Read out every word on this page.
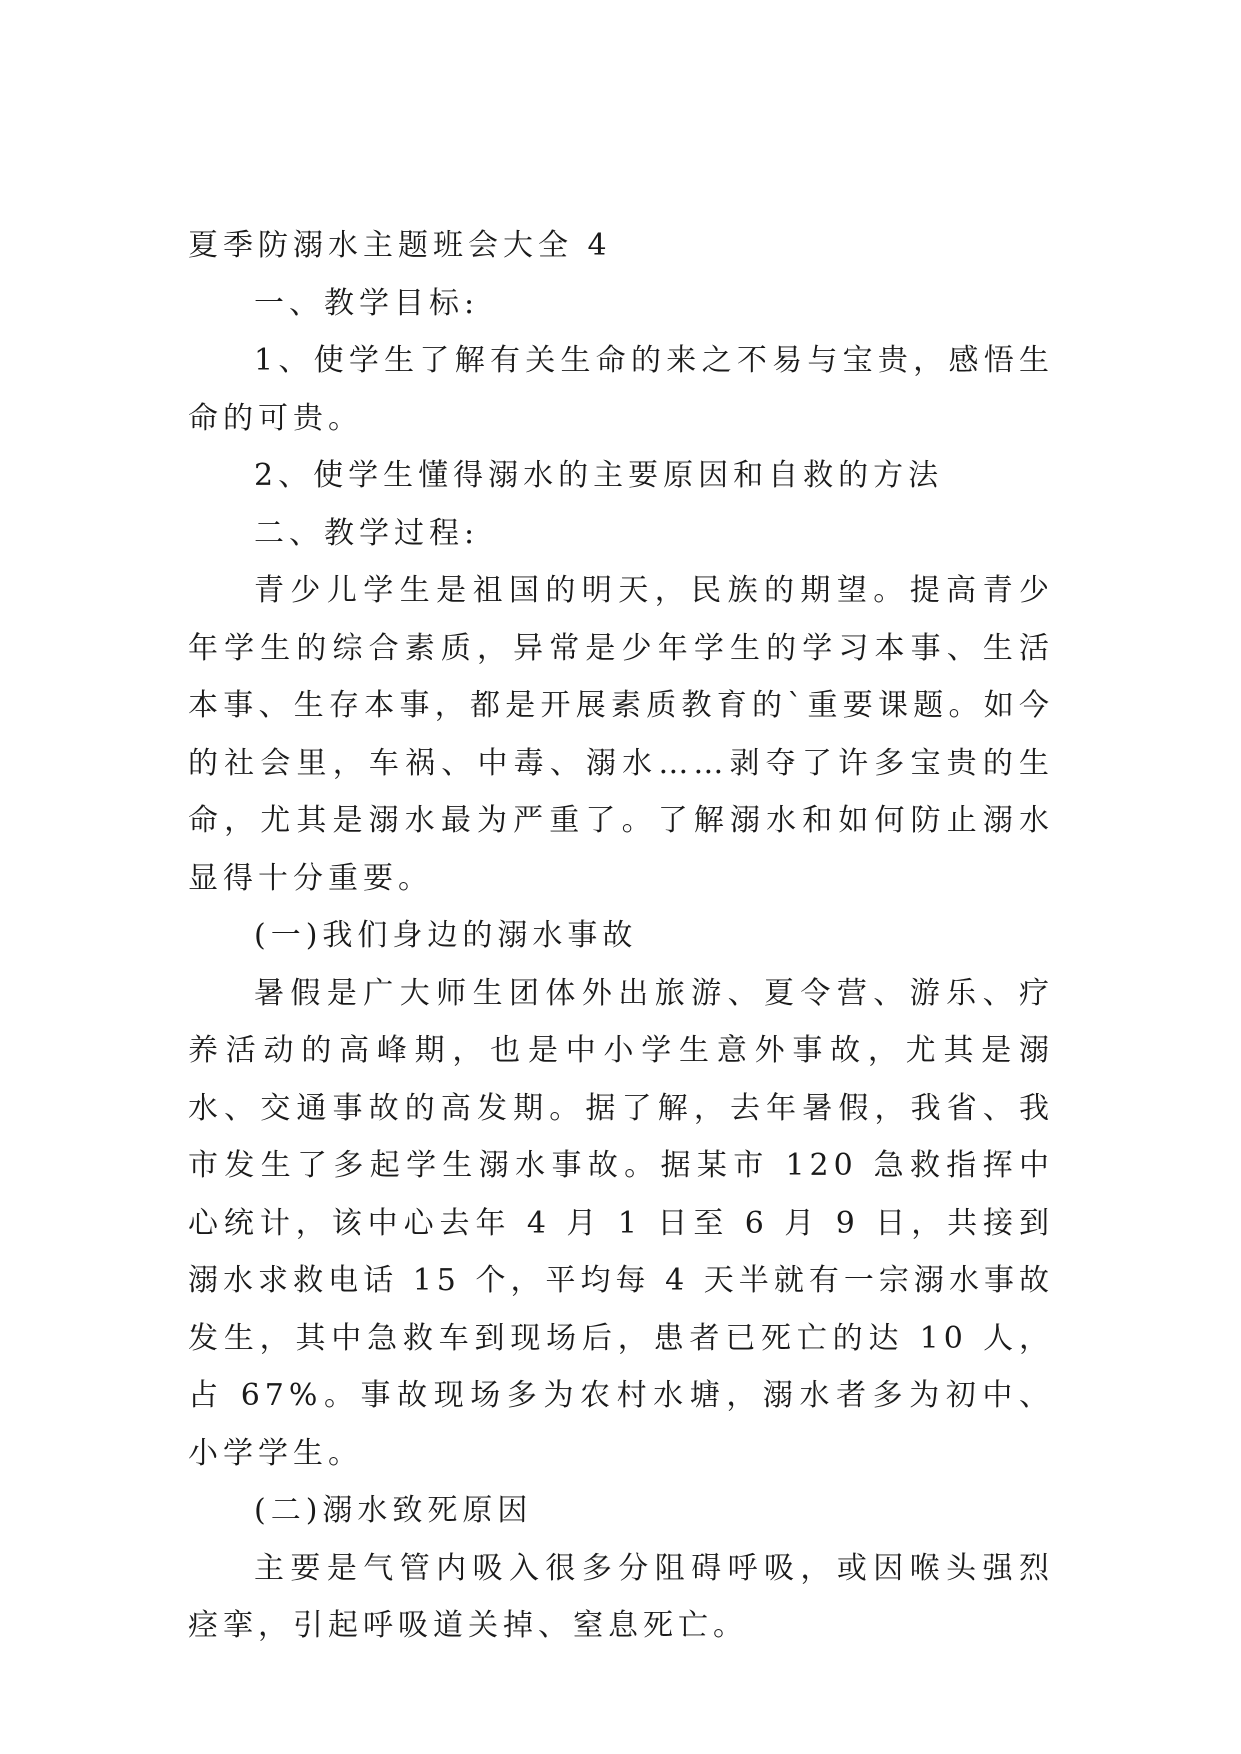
夏季防溺水主题班会大全 4

一、教学目标:

1、使学生了解有关生命的来之不易与宝贵，感悟生命的可贵。

2、使学生懂得溺水的主要原因和自救的方法

二、教学过程:

青少儿学生是祖国的明天，民族的期望。提高青少年学生的综合素质，异常是少年学生的学习本事、生活本事、生存本事，都是开展素质教育的`重要课题。如今的社会里，车祸、中毒、溺水……剥夺了许多宝贵的生命，尤其是溺水最为严重了。了解溺水和如何防止溺水显得十分重要。

(一)我们身边的溺水事故

暑假是广大师生团体外出旅游、夏令营、游乐、疗养活动的高峰期，也是中小学生意外事故，尤其是溺水、交通事故的高发期。据了解，去年暑假，我省、我市发生了多起学生溺水事故。据某市 120 急救指挥中心统计，该中心去年 4 月 1 日至 6 月 9 日，共接到溺水求救电话 15 个，平均每 4 天半就有一宗溺水事故发生，其中急救车到现场后，患者已死亡的达 10 人，占 67%。事故现场多为农村水塘，溺水者多为初中、小学学生。

(二)溺水致死原因

主要是气管内吸入很多分阻碍呼吸，或因喉头强烈痉挛，引起呼吸道关掉、窒息死亡。
